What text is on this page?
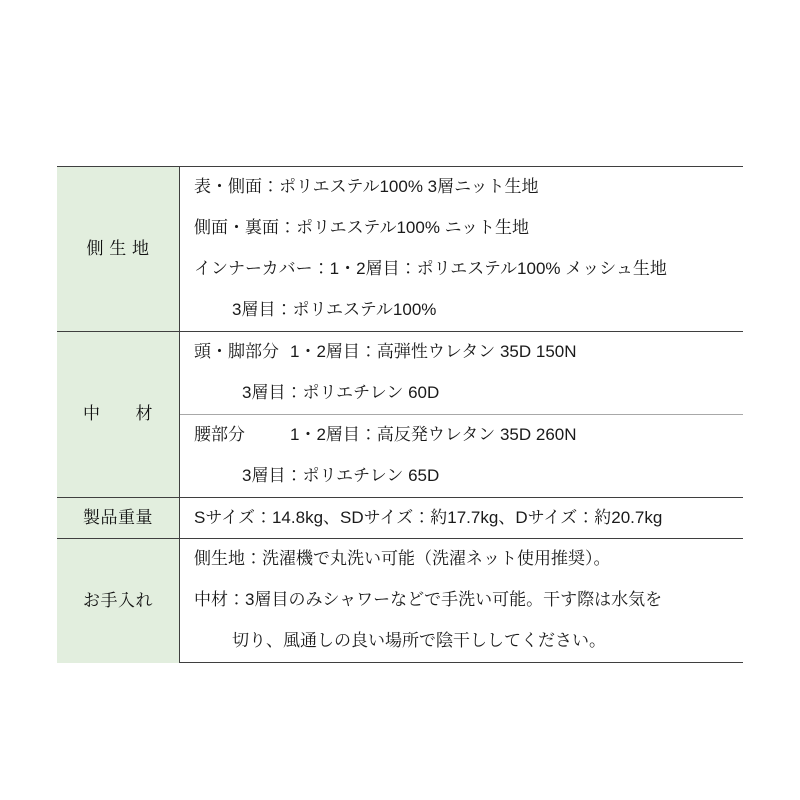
側 生 地	表・側面：ポリエステル100% 3層ニット生地

側面・裏面：ポリエステル100% ニット生地

インナーカバー：1・2層目：ポリエステル100% メッシュ生地

3層目：ポリエステル100%

中　　材	頭・脚部分 1・2層目：高弾性ウレタン 35D 150N

3層目：ポリエチレン 60D

	腰部分 1・2層目：高反発ウレタン 35D 260N

3層目：ポリエチレン 65D

製品重量	Sサイズ：14.8kg、SDサイズ：約17.7kg、Dサイズ：約20.7kg

お手入れ	側生地：洗濯機で丸洗い可能（洗濯ネット使用推奨）。

中材：3層目のみシャワーなどで手洗い可能。干す際は水気を

切り、風通しの良い場所で陰干ししてください。
